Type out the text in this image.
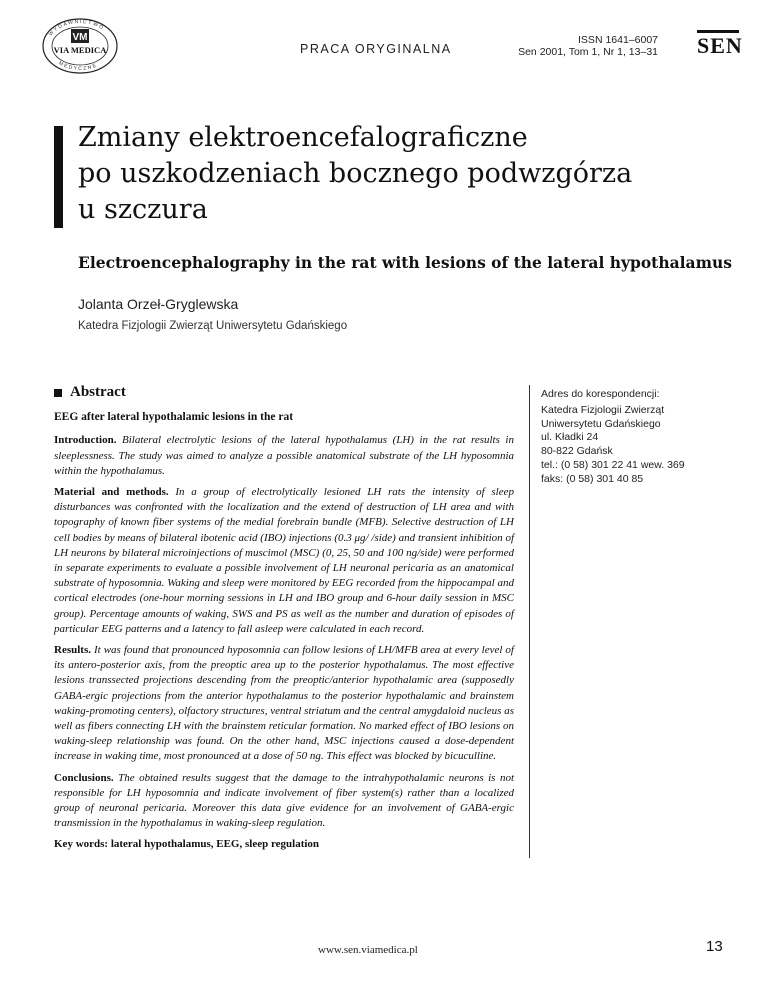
VM
VIA MEDICA
WYDAWNICTWO
MEDYCZNE
PRACA ORYGINALNA
ISSN 1641–6007
Sen 2001, Tom 1, Nr 1, 13–31 SEN
Zmiany elektroencefalograficzne
po uszkodzeniach bocznego podwzgórza
u szczura
Electroencephalography in the rat with lesions of the lateral hypothalamus
Jolanta Orzeł-Gryglewska
Katedra Fizjologii Zwierząt Uniwersytetu Gdańskiego
Abstract
EEG after lateral hypothalamic lesions in the rat

Introduction. Bilateral electrolytic lesions of the lateral hypothalamus (LH) in the rat results in sleeplessness. The study was aimed to analyze a possible anatomical substrate of the LH hyposomnia within the hypothalamus.

Material and methods. In a group of electrolytically lesioned LH rats the intensity of sleep disturbances was confronted with the localization and the extend of destruction of LH area and with topography of known fiber systems of the medial forebrain bundle (MFB). Selective destruction of LH cell bodies by means of bilateral ibotenic acid (IBO) injections (0.3 μg/ /side) and transient inhibition of LH neurons by bilateral microinjections of muscimol (MSC) (0, 25, 50 and 100 ng/side) were performed in separate experiments to evaluate a possible involvement of LH neuronal pericaria as an anatomical substrate of hyposomnia. Waking and sleep were monitored by EEG recorded from the hippocampal and cortical electrodes (one-hour morning sessions in LH and IBO group and 6-hour daily session in MSC group). Percentage amounts of waking, SWS and PS as well as the number and duration of episodes of particular EEG patterns and a latency to fall asleep were calculated in each record.

Results. It was found that pronounced hyposomnia can follow lesions of LH/MFB area at every level of its antero-posterior axis, from the preoptic area up to the posterior hypothalamus. The most effective lesions transsected projections descending from the preoptic/anterior hypothalamic area (supposedly GABA-ergic projections from the anterior hypothalamus to the posterior hypothalamic and brainstem waking-promoting centers), olfactory structures, ventral striatum and the central amygdaloid nucleus as well as fibers connecting LH with the brainstem reticular formation. No marked effect of IBO lesions on waking-sleep relationship was found. On the other hand, MSC injections caused a dose-dependent increase in waking time, most pronounced at a dose of 50 ng. This effect was blocked by bicuculline.

Conclusions. The obtained results suggest that the damage to the intrahypothalamic neurons is not responsible for LH hyposomnia and indicate involvement of fiber system(s) rather than a localized group of neuronal pericaria. Moreover this data give evidence for an involvement of GABA-ergic transmission in the hypothalamus in waking-sleep regulation.

Key words: lateral hypothalamus, EEG, sleep regulation
Adres do korespondencji:
Katedra Fizjologii Zwierząt
Uniwersytetu Gdańskiego
ul. Kładki 24
80-822 Gdańsk
tel.: (0 58) 301 22 41 wew. 369
faks: (0 58) 301 40 85
www.sen.viamedica.pl	13
